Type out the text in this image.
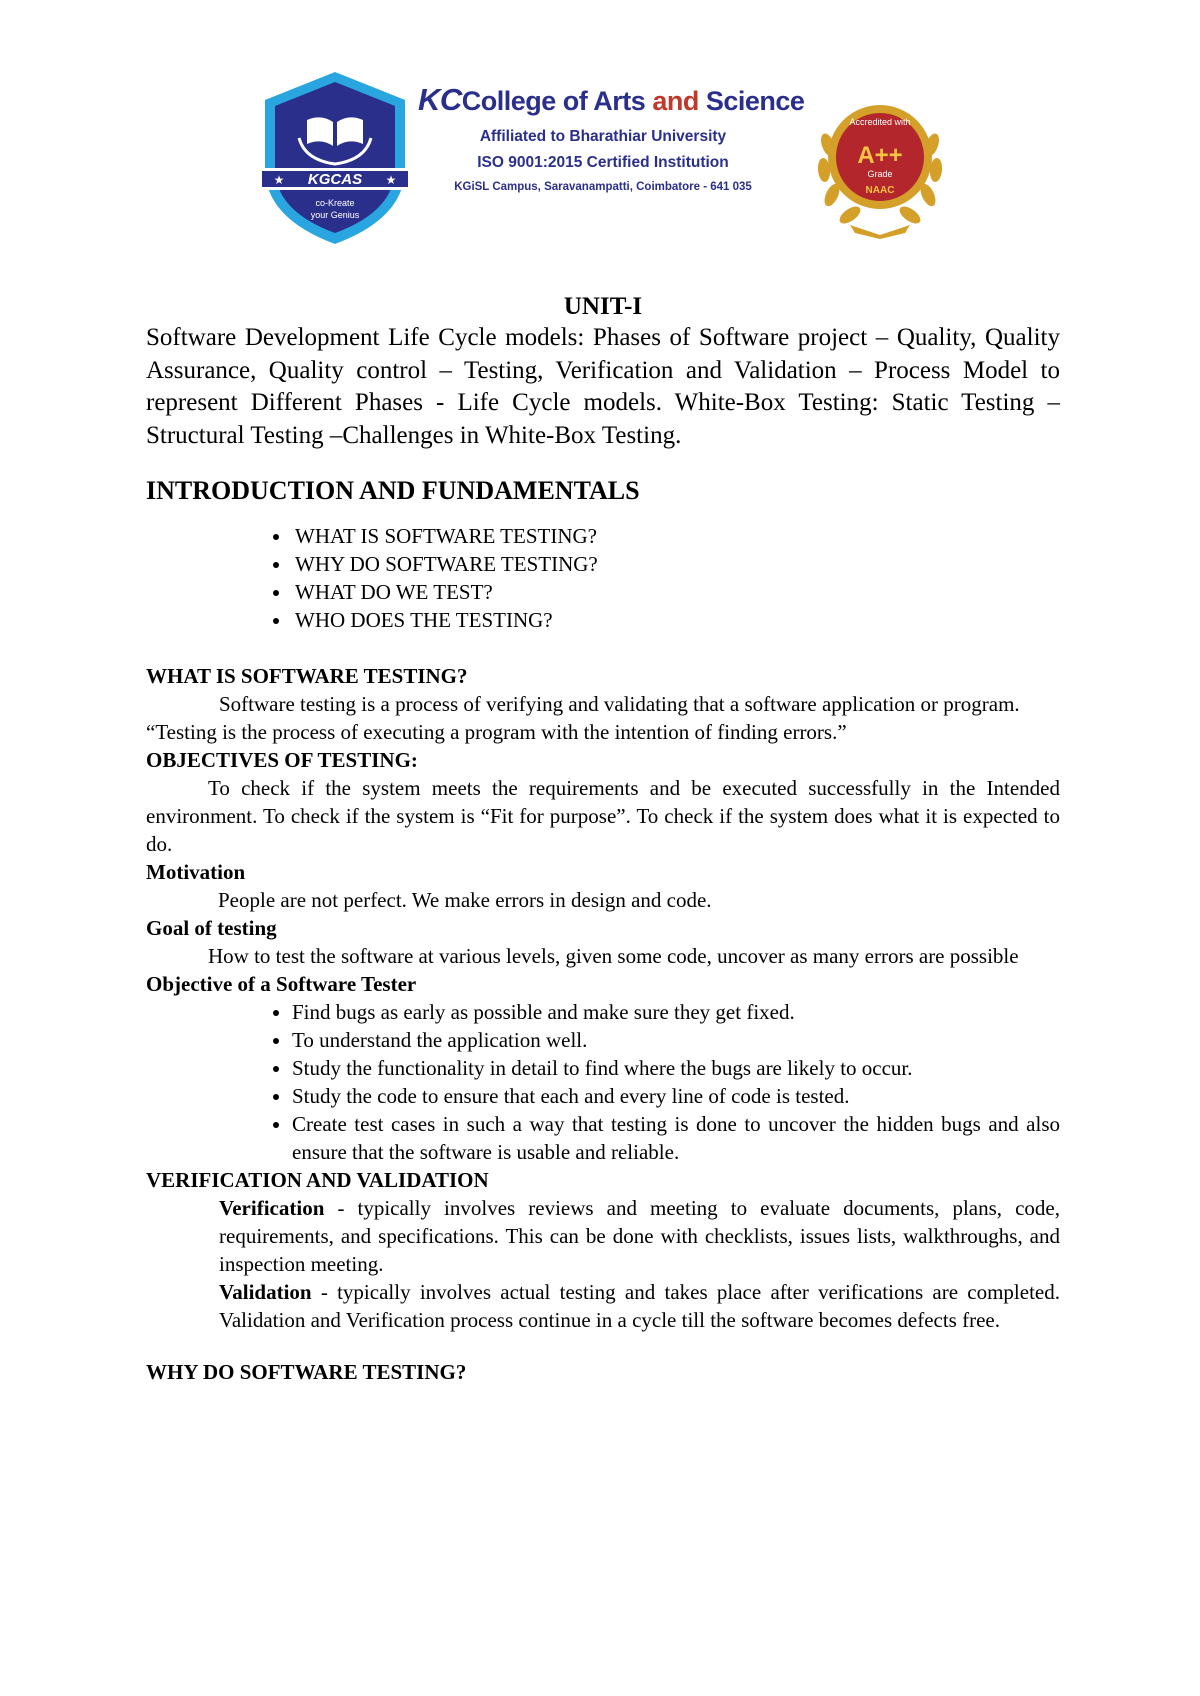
KGCAS
★	★
co-Kreate
your Genius
KCCollege of Arts and Science
Affiliated to Bharathiar University
ISO 9001:2015 Certified Institution
KGiSL Campus, Saravanampatti, Coimbatore - 641 035
Accredited with
A++
Grade
NAAC

UNIT-I

Software Development Life Cycle models: Phases of Software project – Quality, Quality Assurance, Quality control – Testing, Verification and Validation – Process Model to represent Different Phases - Life Cycle models. White-Box Testing: Static Testing – Structural Testing –Challenges in White-Box Testing.

INTRODUCTION AND FUNDAMENTALS

• WHAT IS SOFTWARE TESTING?
• WHY DO SOFTWARE TESTING?
• WHAT DO WE TEST?
• WHO DOES THE TESTING?

WHAT IS SOFTWARE TESTING?

Software testing is a process of verifying and validating that a software application or program.

“Testing is the process of executing a program with the intention of finding errors.”

OBJECTIVES OF TESTING:

To check if the system meets the requirements and be executed successfully in the Intended environment. To check if the system is “Fit for purpose”. To check if the system does what it is expected to do.

Motivation

People are not perfect. We make errors in design and code.

Goal of testing

How to test the software at various levels, given some code, uncover as many errors are possible

Objective of a Software Tester

• Find bugs as early as possible and make sure they get fixed.
• To understand the application well.
• Study the functionality in detail to find where the bugs are likely to occur.
• Study the code to ensure that each and every line of code is tested.
• Create test cases in such a way that testing is done to uncover the hidden bugs and also ensure that the software is usable and reliable.

VERIFICATION AND VALIDATION

Verification - typically involves reviews and meeting to evaluate documents, plans, code, requirements, and specifications. This can be done with checklists, issues lists, walkthroughs, and inspection meeting.

Validation - typically involves actual testing and takes place after verifications are completed. Validation and Verification process continue in a cycle till the software becomes defects free.

WHY DO SOFTWARE TESTING?
